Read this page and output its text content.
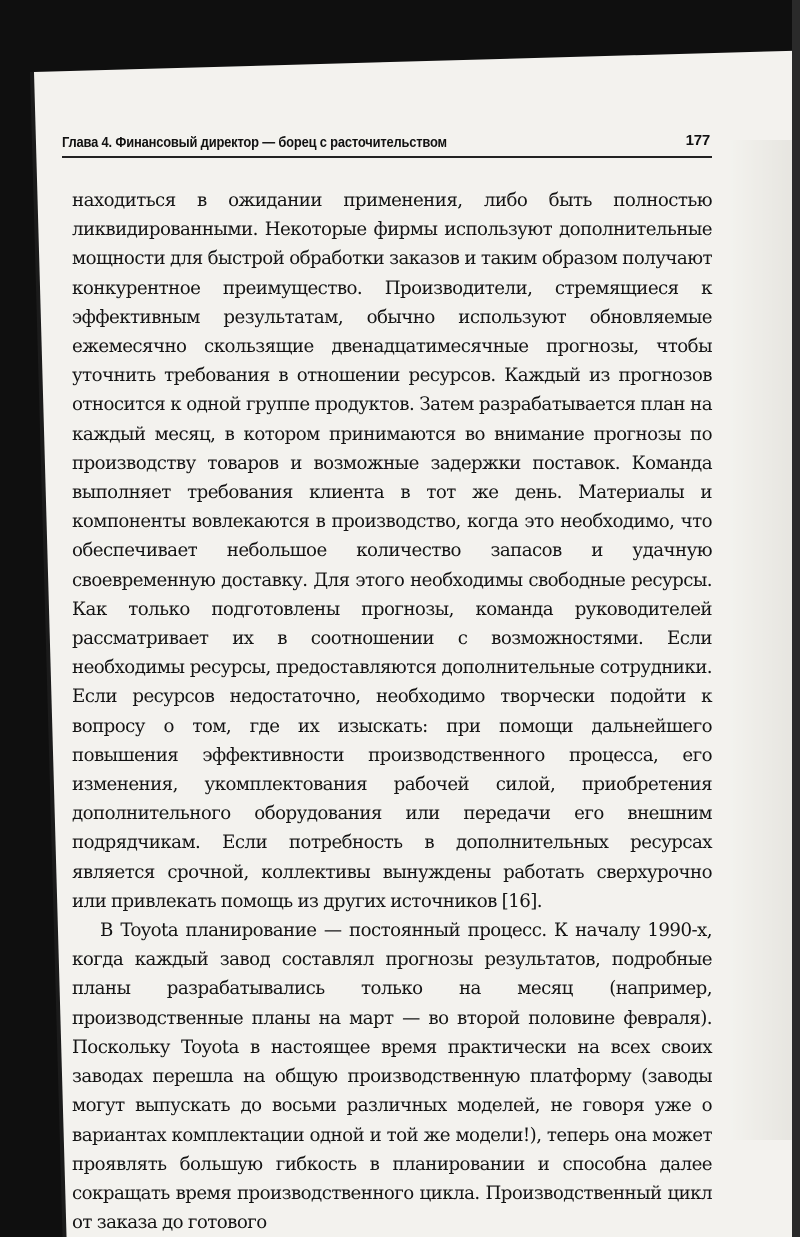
Глава 4. Финансовый директор — борец с расточительством	177

находиться в ожидании применения, либо быть полностью ликвидированными. Некоторые фирмы используют дополнительные мощности для быстрой обработки заказов и таким образом получают конкурентное преимущество. Производители, стремящиеся к эффективным результатам, обычно используют обновляемые ежемесячно скользящие двенадцатимесячные прогнозы, чтобы уточнить требования в отношении ресурсов. Каждый из прогнозов относится к одной группе продуктов. Затем разрабатывается план на каждый месяц, в котором принимаются во внимание прогнозы по производству товаров и возможные задержки поставок. Команда выполняет требования клиента в тот же день. Материалы и компоненты вовлекаются в производство, когда это необходимо, что обеспечивает небольшое количество запасов и удачную своевременную доставку. Для этого необходимы свободные ресурсы. Как только подготовлены прогнозы, команда руководителей рассматривает их в соотношении с возможностями. Если необходимы ресурсы, предоставляются дополнительные сотрудники. Если ресурсов недостаточно, необходимо творчески подойти к вопросу о том, где их изыскать: при помощи дальнейшего повышения эффективности производственного процесса, его изменения, укомплектования рабочей силой, приобретения дополнительного оборудования или передачи его внешним подрядчикам. Если потребность в дополнительных ресурсах является срочной, коллективы вынуждены работать сверхурочно или привлекать помощь из других источников [16].

В Toyota планирование — постоянный процесс. К началу 1990-х, когда каждый завод составлял прогнозы результатов, подробные планы разрабатывались только на месяц (например, производственные планы на март — во второй половине февраля). Поскольку Toyota в настоящее время практически на всех своих заводах перешла на общую производственную платформу (заводы могут выпускать до восьми различных моделей, не говоря уже о вариантах комплектации одной и той же модели!), теперь она может проявлять большую гибкость в планировании и способна далее сокращать время производственного цикла. Производственный цикл от заказа до готового
